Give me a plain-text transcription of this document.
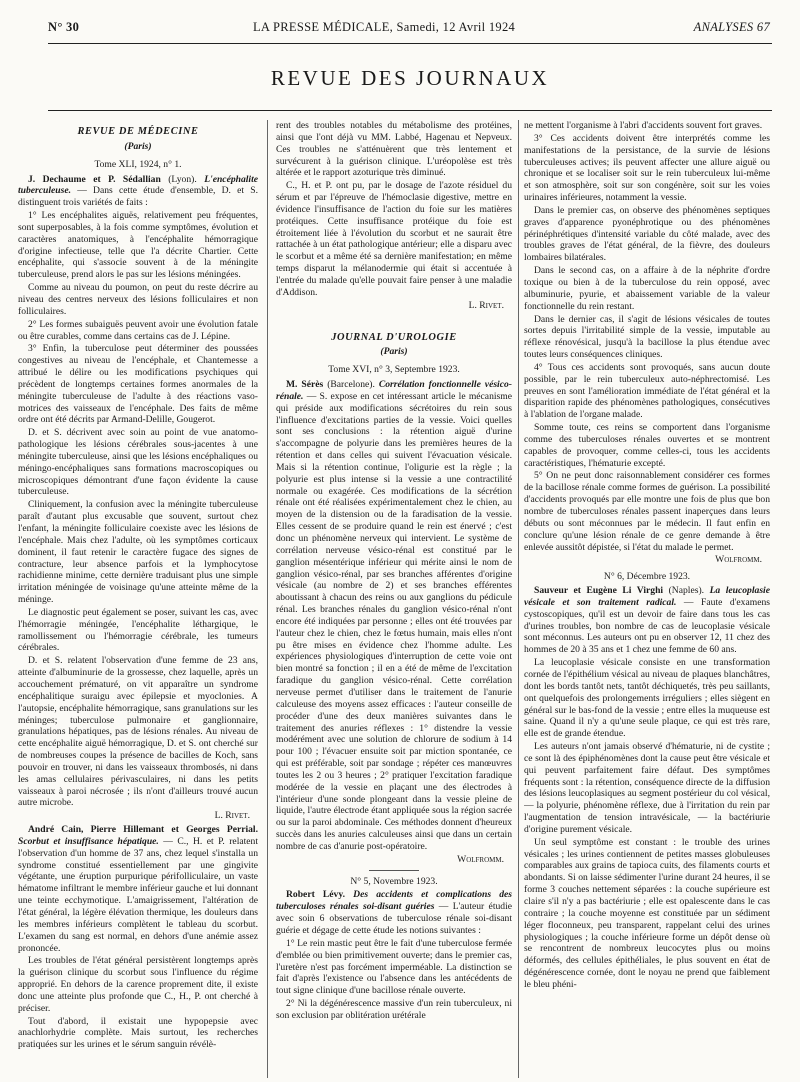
N° 30	LA PRESSE MÉDICALE, Samedi, 12 Avril 1924	ANALYSES 67
REVUE DES JOURNAUX
REVUE DE MÉDECINE
(Paris)
Tome XLI, 1924, n° 1.

J. Dechaume et P. Sédallian (Lyon). L'encéphalite tuberculeuse. — Dans cette étude d'ensemble, D. et S. distinguent trois variétés de faits :

1° Les encéphalites aiguës, relativement peu fréquentes, sont superposables, à la fois comme symptômes, évolution et caractères anatomiques, à l'encéphalite hémorragique d'origine infectieuse, telle que l'a décrite Chartier. Cette encéphalite, qui s'associe souvent à de la méningite tuberculeuse, prend alors le pas sur les lésions méningées.

Comme au niveau du poumon, on peut du reste décrire au niveau des centres nerveux des lésions folliculaires et non folliculaires.

2° Les formes subaiguës peuvent avoir une évolution fatale ou être curables, comme dans certains cas de J. Lépine.

3° Enfin, la tuberculose peut déterminer des poussées congestives au niveau de l'encéphale, et Chantemesse a attribué le délire ou les modifications psychiques qui précèdent de longtemps certaines formes anormales de la méningite tuberculeuse de l'adulte à des réactions vaso-motrices des vaisseaux de l'encéphale. Des faits de même ordre ont été décrits par Armand-Delille, Gougerot.

D. et S. décrivent avec soin au point de vue anatomo-pathologique les lésions cérébrales sous-jacentes à une méningite tuberculeuse, ainsi que les lésions encéphaliques ou méningo-encéphaliques sans formations macroscopiques ou microscopiques démontrant d'une façon évidente la cause tuberculeuse.

Cliniquement, la confusion avec la méningite tuberculeuse paraît d'autant plus excusable que souvent, surtout chez l'enfant, la méningite folliculaire coexiste avec les lésions de l'encéphale. Mais chez l'adulte, où les symptômes corticaux dominent, il faut retenir le caractère fugace des signes de contracture, leur absence parfois et la lymphocytose rachidienne minime, cette dernière traduisant plus une simple irritation méningée de voisinage qu'une atteinte même de la méninge.

Le diagnostic peut également se poser, suivant les cas, avec l'hémorragie méningée, l'encéphalite léthargique, le ramollissement ou l'hémorragie cérébrale, les tumeurs cérébrales.

D. et S. relatent l'observation d'une femme de 23 ans, atteinte d'albuminurie de la grossesse, chez laquelle, après un accouchement prématuré, on vit apparaître un syndrome encéphalitique suraigu avec épilepsie et myoclonies. A l'autopsie, encéphalite hémorragique, sans granulations sur les méninges; tuberculose pulmonaire et ganglionnaire, granulations hépatiques, pas de lésions rénales. Au niveau de cette encéphalite aiguë hémorragique, D. et S. ont cherché sur de nombreuses coupes la présence de bacilles de Koch, sans pouvoir en trouver, ni dans les vaisseaux thrombosés, ni dans les amas cellulaires périvasculaires, ni dans les petits vaisseaux à paroi nécrosée ; ils n'ont d'ailleurs trouvé aucun autre microbe.

L. Rivet.

André Cain, Pierre Hillemant et Georges Perrial. Scorbut et insuffisance hépatique. — C., H. et P. relatent l'observation d'un homme de 37 ans, chez lequel s'installa un syndrome constitué essentiellement par une gingivite végétante, une éruption purpurique périfolliculaire, un vaste hématome infiltrant le membre inférieur gauche et lui donnant une teinte ecchymotique. L'amaigrissement, l'altération de l'état général, la légère élévation thermique, les douleurs dans les membres inférieurs complètent le tableau du scorbut. L'examen du sang est normal, en dehors d'une anémie assez prononcée.

Les troubles de l'état général persistèrent longtemps après la guérison clinique du scorbut sous l'influence du régime approprié. En dehors de la carence proprement dite, il existe donc une atteinte plus profonde que C., H., P. ont cherché à préciser.

Tout d'abord, il existait une hypopepsie avec anachlorhydrie complète. Mais surtout, les recherches pratiquées sur les urines et le sérum sanguin révélè-

rent des troubles notables du métabolisme des protéines, ainsi que l'ont déjà vu MM. Labbé, Hagenau et Nepveux. Ces troubles ne s'atténuèrent que très lentement et survécurent à la guérison clinique. L'uréopolèse est très altérée et le rapport azoturique très diminué.

C., H. et P. ont pu, par le dosage de l'azote résiduel du sérum et par l'épreuve de l'hémoclasie digestive, mettre en évidence l'insuffisance de l'action du foie sur les matières protéiques. Cette insuffisance protéique du foie est étroitement liée à l'évolution du scorbut et ne saurait être rattachée à un état pathologique antérieur; elle a disparu avec le scorbut et a même été sa dernière manifestation; en même temps disparut la mélanodermie qui était si accentuée à l'entrée du malade qu'elle pouvait faire penser à une maladie d'Addison.

L. Rivet.
JOURNAL D'UROLOGIE
(Paris)
Tome XVI, n° 3, Septembre 1923.

M. Sérès (Barcelone). Corrélation fonctionnelle vésico-rénale. — S. expose en cet intéressant article le mécanisme qui préside aux modifications sécrétoires du rein sous l'influence d'excitations parties de la vessie. Voici quelles sont ses conclusions : la rétention aiguë d'urine s'accompagne de polyurie dans les premières heures de la rétention et dans celles qui suivent l'évacuation vésicale. Mais si la rétention continue, l'oligurie est la règle ; la polyurie est plus intense si la vessie a une contractilité normale ou exagérée. Ces modifications de la sécrétion rénale ont été réalisées expérimentalement chez le chien, au moyen de la distension ou de la faradisation de la vessie. Elles cessent de se produire quand le rein est énervé ; c'est donc un phénomène nerveux qui intervient. Le système de corrélation nerveuse vésico-rénal est constitué par le ganglion mésentérique inférieur qui mérite ainsi le nom de ganglion vésico-rénal, par ses branches afférentes d'origine vésicale (au nombre de 2) et ses branches efférentes aboutissant à chacun des reins ou aux ganglions du pédicule rénal. Les branches rénales du ganglion vésico-rénal n'ont encore été indiquées par personne ; elles ont été trouvées par l'auteur chez le chien, chez le fœtus humain, mais elles n'ont pu être mises en évidence chez l'homme adulte. Les expériences physiologiques d'interruption de cette voie ont bien montré sa fonction ; il en a été de même de l'excitation faradique du ganglion vésico-rénal. Cette corrélation nerveuse permet d'utiliser dans le traitement de l'anurie calculeuse des moyens assez efficaces : l'auteur conseille de procéder d'une des deux manières suivantes dans le traitement des anuries réflexes : 1° distendre la vessie modérément avec une solution de chlorure de sodium à 14 pour 100 ; l'évacuer ensuite soit par miction spontanée, ce qui est préférable, soit par sondage ; répéter ces manœuvres toutes les 2 ou 3 heures ; 2° pratiquer l'excitation faradique modérée de la vessie en plaçant une des électrodes à l'intérieur d'une sonde plongeant dans la vessie pleine de liquide, l'autre électrode étant appliquée sous la région sacrée ou sur la paroi abdominale. Ces méthodes donnent d'heureux succès dans les anuries calculeuses ainsi que dans un certain nombre de cas d'anurie post-opératoire.

Wolfromm.
N° 5, Novembre 1923.

Robert Lévy. Des accidents et complications des tuberculoses rénales soi-disant guéries — L'auteur étudie avec soin 6 observations de tuberculose rénale soi-disant guérie et dégage de cette étude les notions suivantes :

1° Le rein mastic peut être le fait d'une tuberculose fermée d'emblée ou bien primitivement ouverte; dans le premier cas, l'uretère n'est pas forcément imperméable. La distinction se fait d'après l'existence ou l'absence dans les antécédents de tout signe clinique d'une bacillose rénale ouverte.

2° Ni la dégénérescence massive d'un rein tuberculeux, ni son exclusion par oblitération urétérale

ne mettent l'organisme à l'abri d'accidents souvent fort graves.

3° Ces accidents doivent être interprétés comme les manifestations de la persistance, de la survie de lésions tuberculeuses actives; ils peuvent affecter une allure aiguë ou chronique et se localiser soit sur le rein tuberculeux lui-même et son atmosphère, soit sur son congénère, soit sur les voies urinaires inférieures, notamment la vessie.

Dans le premier cas, on observe des phénomènes septiques graves d'apparence pyonéphrotique ou des phénomènes périnéphrétiques d'intensité variable du côté malade, avec des troubles graves de l'état général, de la fièvre, des douleurs lombaires bilatérales.

Dans le second cas, on a affaire à de la néphrite d'ordre toxique ou bien à de la tuberculose du rein opposé, avec albuminurie, pyurie, et abaissement variable de la valeur fonctionnelle du rein restant.

Dans le dernier cas, il s'agit de lésions vésicales de toutes sortes depuis l'irritabilité simple de la vessie, imputable au réflexe rénovésical, jusqu'à la bacillose la plus étendue avec toutes leurs conséquences cliniques.

4° Tous ces accidents sont provoqués, sans aucun doute possible, par le rein tuberculeux auto-néphrectomisé. Les preuves en sont l'amélioration immédiate de l'état général et la disparition rapide des phénomènes pathologiques, consécutives à l'ablation de l'organe malade.

Somme toute, ces reins se comportent dans l'organisme comme des tuberculoses rénales ouvertes et se montrent capables de provoquer, comme celles-ci, tous les accidents caractéristiques, l'hématurie excepté.

5° On ne peut donc raisonnablement considérer ces formes de la bacillose rénale comme formes de guérison. La possibilité d'accidents provoqués par elle montre une fois de plus que bon nombre de tuberculoses rénales passent inaperçues dans leurs débuts ou sont méconnues par le médecin. Il faut enfin en conclure qu'une lésion rénale de ce genre demande à être enlevée aussitôt dépistée, si l'état du malade le permet.

Wolfromm.
N° 6, Décembre 1923.

Sauveur et Eugène Li Virghi (Naples). La leucoplasie vésicale et son traitement radical. — Faute d'examens cystoscopiques, qu'il est un devoir de faire dans tous les cas d'urines troubles, bon nombre de cas de leucoplasie vésicale sont méconnus. Les auteurs ont pu en observer 12, 11 chez des hommes de 20 à 35 ans et 1 chez une femme de 60 ans.

La leucoplasie vésicale consiste en une transformation cornée de l'épithélium vésical au niveau de plaques blanchâtres, dont les bords tantôt nets, tantôt déchiquetés, très peu saillants, ont quelquefois des prolongements irréguliers ; elles siègent en général sur le bas-fond de la vessie ; entre elles la muqueuse est saine. Quand il n'y a qu'une seule plaque, ce qui est très rare, elle est de grande étendue.

Les auteurs n'ont jamais observé d'hématurie, ni de cystite ; ce sont là des épiphénomènes dont la cause peut être vésicale et qui peuvent parfaitement faire défaut. Des symptômes fréquents sont : la rétention, conséquence directe de la diffusion des lésions leucoplasiques au segment postérieur du col vésical, — la polyurie, phénomène réflexe, due à l'irritation du rein par l'augmentation de tension intravésicale, — la bactériurie d'origine purement vésicale.

Un seul symptôme est constant : le trouble des urines vésicales ; les urines contiennent de petites masses globuleuses comparables aux grains de tapioca cuits, des filaments courts et abondants. Si on laisse sédimenter l'urine durant 24 heures, il se forme 3 couches nettement séparées : la couche supérieure est claire s'il n'y a pas bactériurie ; elle est opalescente dans le cas contraire ; la couche moyenne est constituée par un sédiment léger floconneux, peu transparent, rappelant celui des urines physiologiques ; la couche inférieure forme un dépôt dense où se rencontrent de nombreux leucocytes plus ou moins déformés, des cellules épithéliales, le plus souvent en état de dégénérescence cornée, dont le noyau ne prend que faiblement le bleu phéni-
